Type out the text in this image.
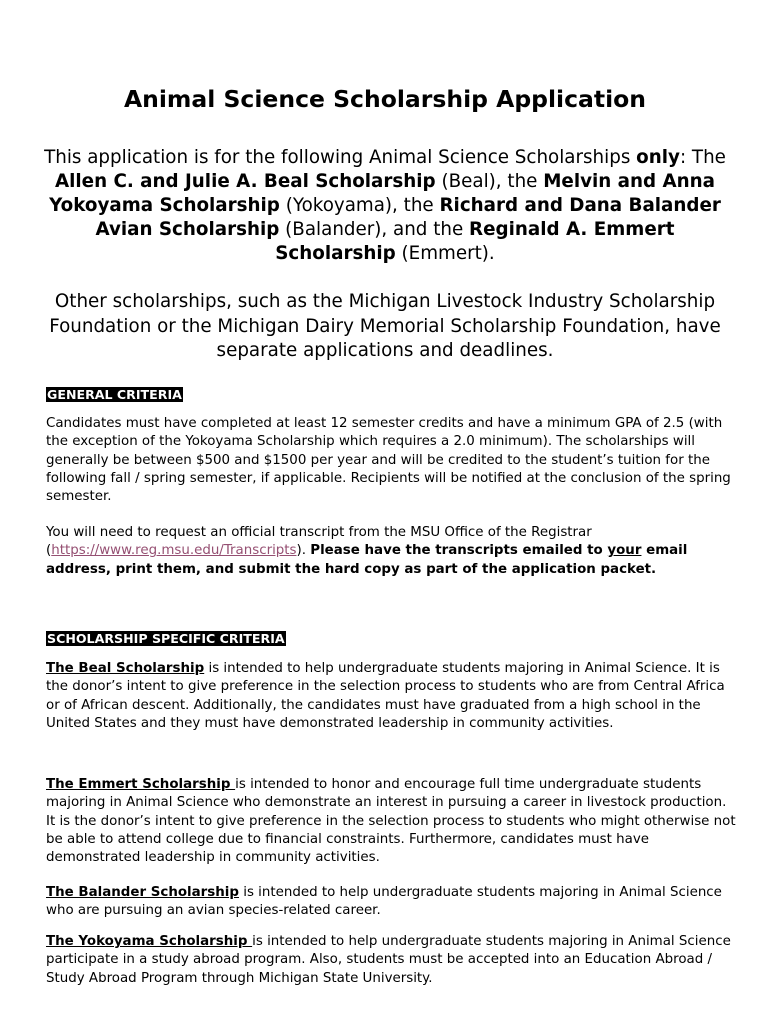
Animal Science Scholarship Application

This application is for the following Animal Science Scholarships only: The Allen C. and Julie A. Beal Scholarship (Beal), the Melvin and Anna Yokoyama Scholarship (Yokoyama), the Richard and Dana Balander Avian Scholarship (Balander), and the Reginald A. Emmert Scholarship (Emmert).

Other scholarships, such as the Michigan Livestock Industry Scholarship Foundation or the Michigan Dairy Memorial Scholarship Foundation, have separate applications and deadlines.

GENERAL CRITERIA

Candidates must have completed at least 12 semester credits and have a minimum GPA of 2.5 (with the exception of the Yokoyama Scholarship which requires a 2.0 minimum). The scholarships will generally be between $500 and $1500 per year and will be credited to the student’s tuition for the following fall / spring semester, if applicable. Recipients will be notified at the conclusion of the spring semester.

You will need to request an official transcript from the MSU Office of the Registrar (https://www.reg.msu.edu/Transcripts). Please have the transcripts emailed to your email address, print them, and submit the hard copy as part of the application packet.

SCHOLARSHIP SPECIFIC CRITERIA

The Beal Scholarship is intended to help undergraduate students majoring in Animal Science. It is the donor’s intent to give preference in the selection process to students who are from Central Africa or of African descent. Additionally, the candidates must have graduated from a high school in the United States and they must have demonstrated leadership in community activities.

The Emmert Scholarship is intended to honor and encourage full time undergraduate students majoring in Animal Science who demonstrate an interest in pursuing a career in livestock production. It is the donor’s intent to give preference in the selection process to students who might otherwise not be able to attend college due to financial constraints. Furthermore, candidates must have demonstrated leadership in community activities.

The Balander Scholarship is intended to help undergraduate students majoring in Animal Science who are pursuing an avian species-related career.

The Yokoyama Scholarship is intended to help undergraduate students majoring in Animal Science participate in a study abroad program. Also, students must be accepted into an Education Abroad / Study Abroad Program through Michigan State University.
